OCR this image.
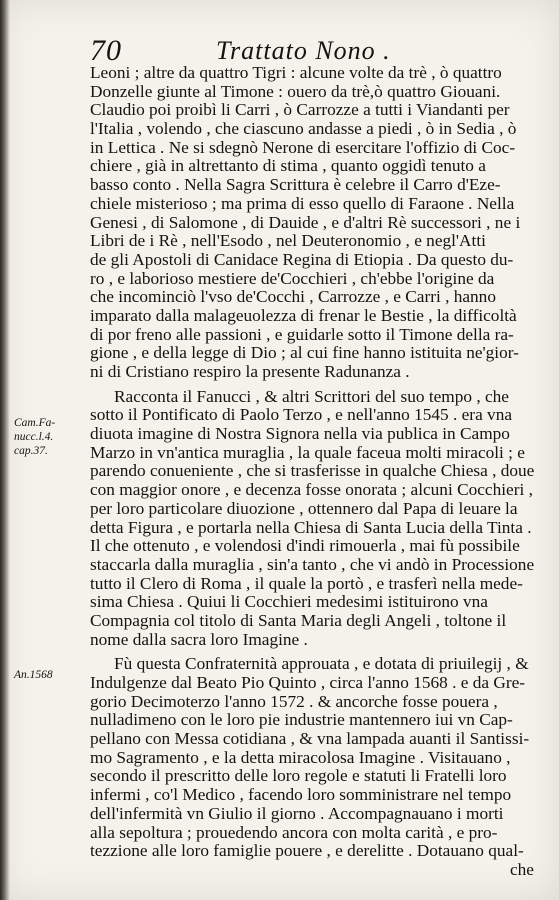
70	Trattato Nono .
Cam.Fa-
nucc.l.4.
cap.37.
An.1568
Leoni ; altre da quattro Tigri : alcune volte da trè , ò quattro
Donzelle giunte al Timone : ouero da trè,ò quattro Giouani.
Claudio poi proibì li Carri , ò Carrozze a tutti i Viandanti per
l'Italia , volendo , che ciascuno andasse a piedi , ò in Sedia , ò
in Lettica . Ne si sdegnò Nerone di esercitare l'offizio di Coc-
chiere , già in altrettanto di stima , quanto oggidì tenuto a
basso conto . Nella Sagra Scrittura è celebre il Carro d'Eze-
chiele misterioso ; ma prima di esso quello di Faraone . Nella
Genesi , di Salomone , di Dauide , e d'altri Rè successori , ne i
Libri de i Rè , nell'Esodo , nel Deuteronomio , e negl'Atti
de gli Apostoli di Canidace Regina di Etiopia . Da questo du-
ro , e laborioso mestiere de'Cocchieri , ch'ebbe l'origine da
che incominciò l'vso de'Cocchi , Carrozze , e Carri , hanno
imparato dalla malageuolezza di frenar le Bestie , la difficoltà
di por freno alle passioni , e guidarle sotto il Timone della ra-
gione , e della legge di Dio ; al cui fine hanno istituita ne'gior-
ni di Cristiano respiro la presente Radunanza .
Racconta il Fanucci , & altri Scrittori del suo tempo , che
sotto il Pontificato di Paolo Terzo , e nell'anno 1545 . era vna
diuota imagine di Nostra Signora nella via publica in Campo
Marzo in vn'antica muraglia , la quale faceua molti miracoli ; e
parendo conueniente , che si trasferisse in qualche Chiesa , doue
con maggior onore , e decenza fosse onorata ; alcuni Cocchieri ,
per loro particolare diuozione , ottennero dal Papa di leuare la
detta Figura , e portarla nella Chiesa di Santa Lucia della Tinta .
Il che ottenuto , e volendosi d'indi rimouerla , mai fù possibile
staccarla dalla muraglia , sin'a tanto , che vi andò in Processione
tutto il Clero di Roma , il quale la portò , e trasferì nella mede-
sima Chiesa . Quiui li Cocchieri medesimi istituirono vna
Compagnia col titolo di Santa Maria degli Angeli , toltone il
nome dalla sacra loro Imagine .
Fù questa Confraternità approuata , e dotata di priuilegij , &
Indulgenze dal Beato Pio Quinto , circa l'anno 1568 . e da Gre-
gorio Decimoterzo l'anno 1572 . & ancorche fosse pouera ,
nulladimeno con le loro pie industrie mantennero iui vn Cap-
pellano con Messa cotidiana , & vna lampada auanti il Santissi-
mo Sagramento , e la detta miracolosa Imagine . Visitauano ,
secondo il prescritto delle loro regole e statuti li Fratelli loro
infermi , co'l Medico , facendo loro somministrare nel tempo
dell'infermità vn Giulio il giorno . Accompagnauano i morti
alla sepoltura ; prouedendo ancora con molta carità , e pro-
tezzione alle loro famiglie pouere , e derelitte . Dotauano qual-
che
